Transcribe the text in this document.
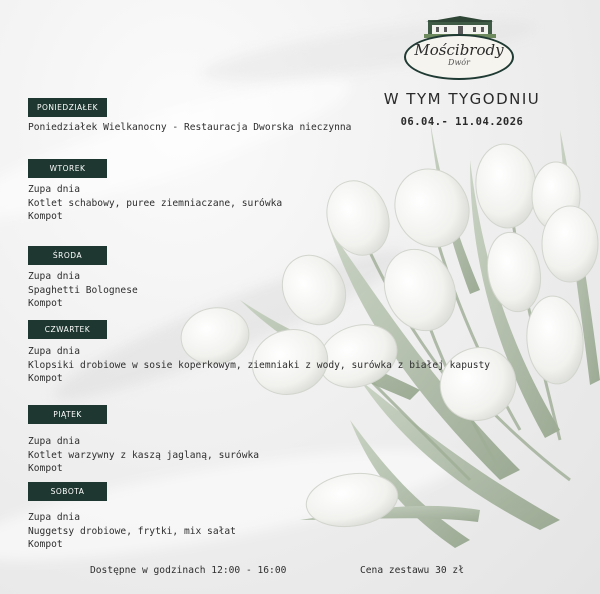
Mościbrody
Dwór
W TYM TYGODNIU
06.04.- 11.04.2026
PONIEDZIAŁEK
Poniedziałek Wielkanocny - Restauracja Dworska nieczynna
WTOREK
Zupa dnia
Kotlet schabowy, puree ziemniaczane, surówka
Kompot
ŚRODA
Zupa dnia
Spaghetti Bolognese
Kompot
CZWARTEK
Zupa dnia
Klopsiki drobiowe w sosie koperkowym, ziemniaki z wody, surówka z białej kapusty
Kompot
PIĄTEK
Zupa dnia
Kotlet warzywny z kaszą jaglaną, surówka
Kompot
SOBOTA
Zupa dnia
Nuggetsy drobiowe, frytki, mix sałat
Kompot
Dostępne w godzinach 12:00 - 16:00	Cena zestawu 30 zł
